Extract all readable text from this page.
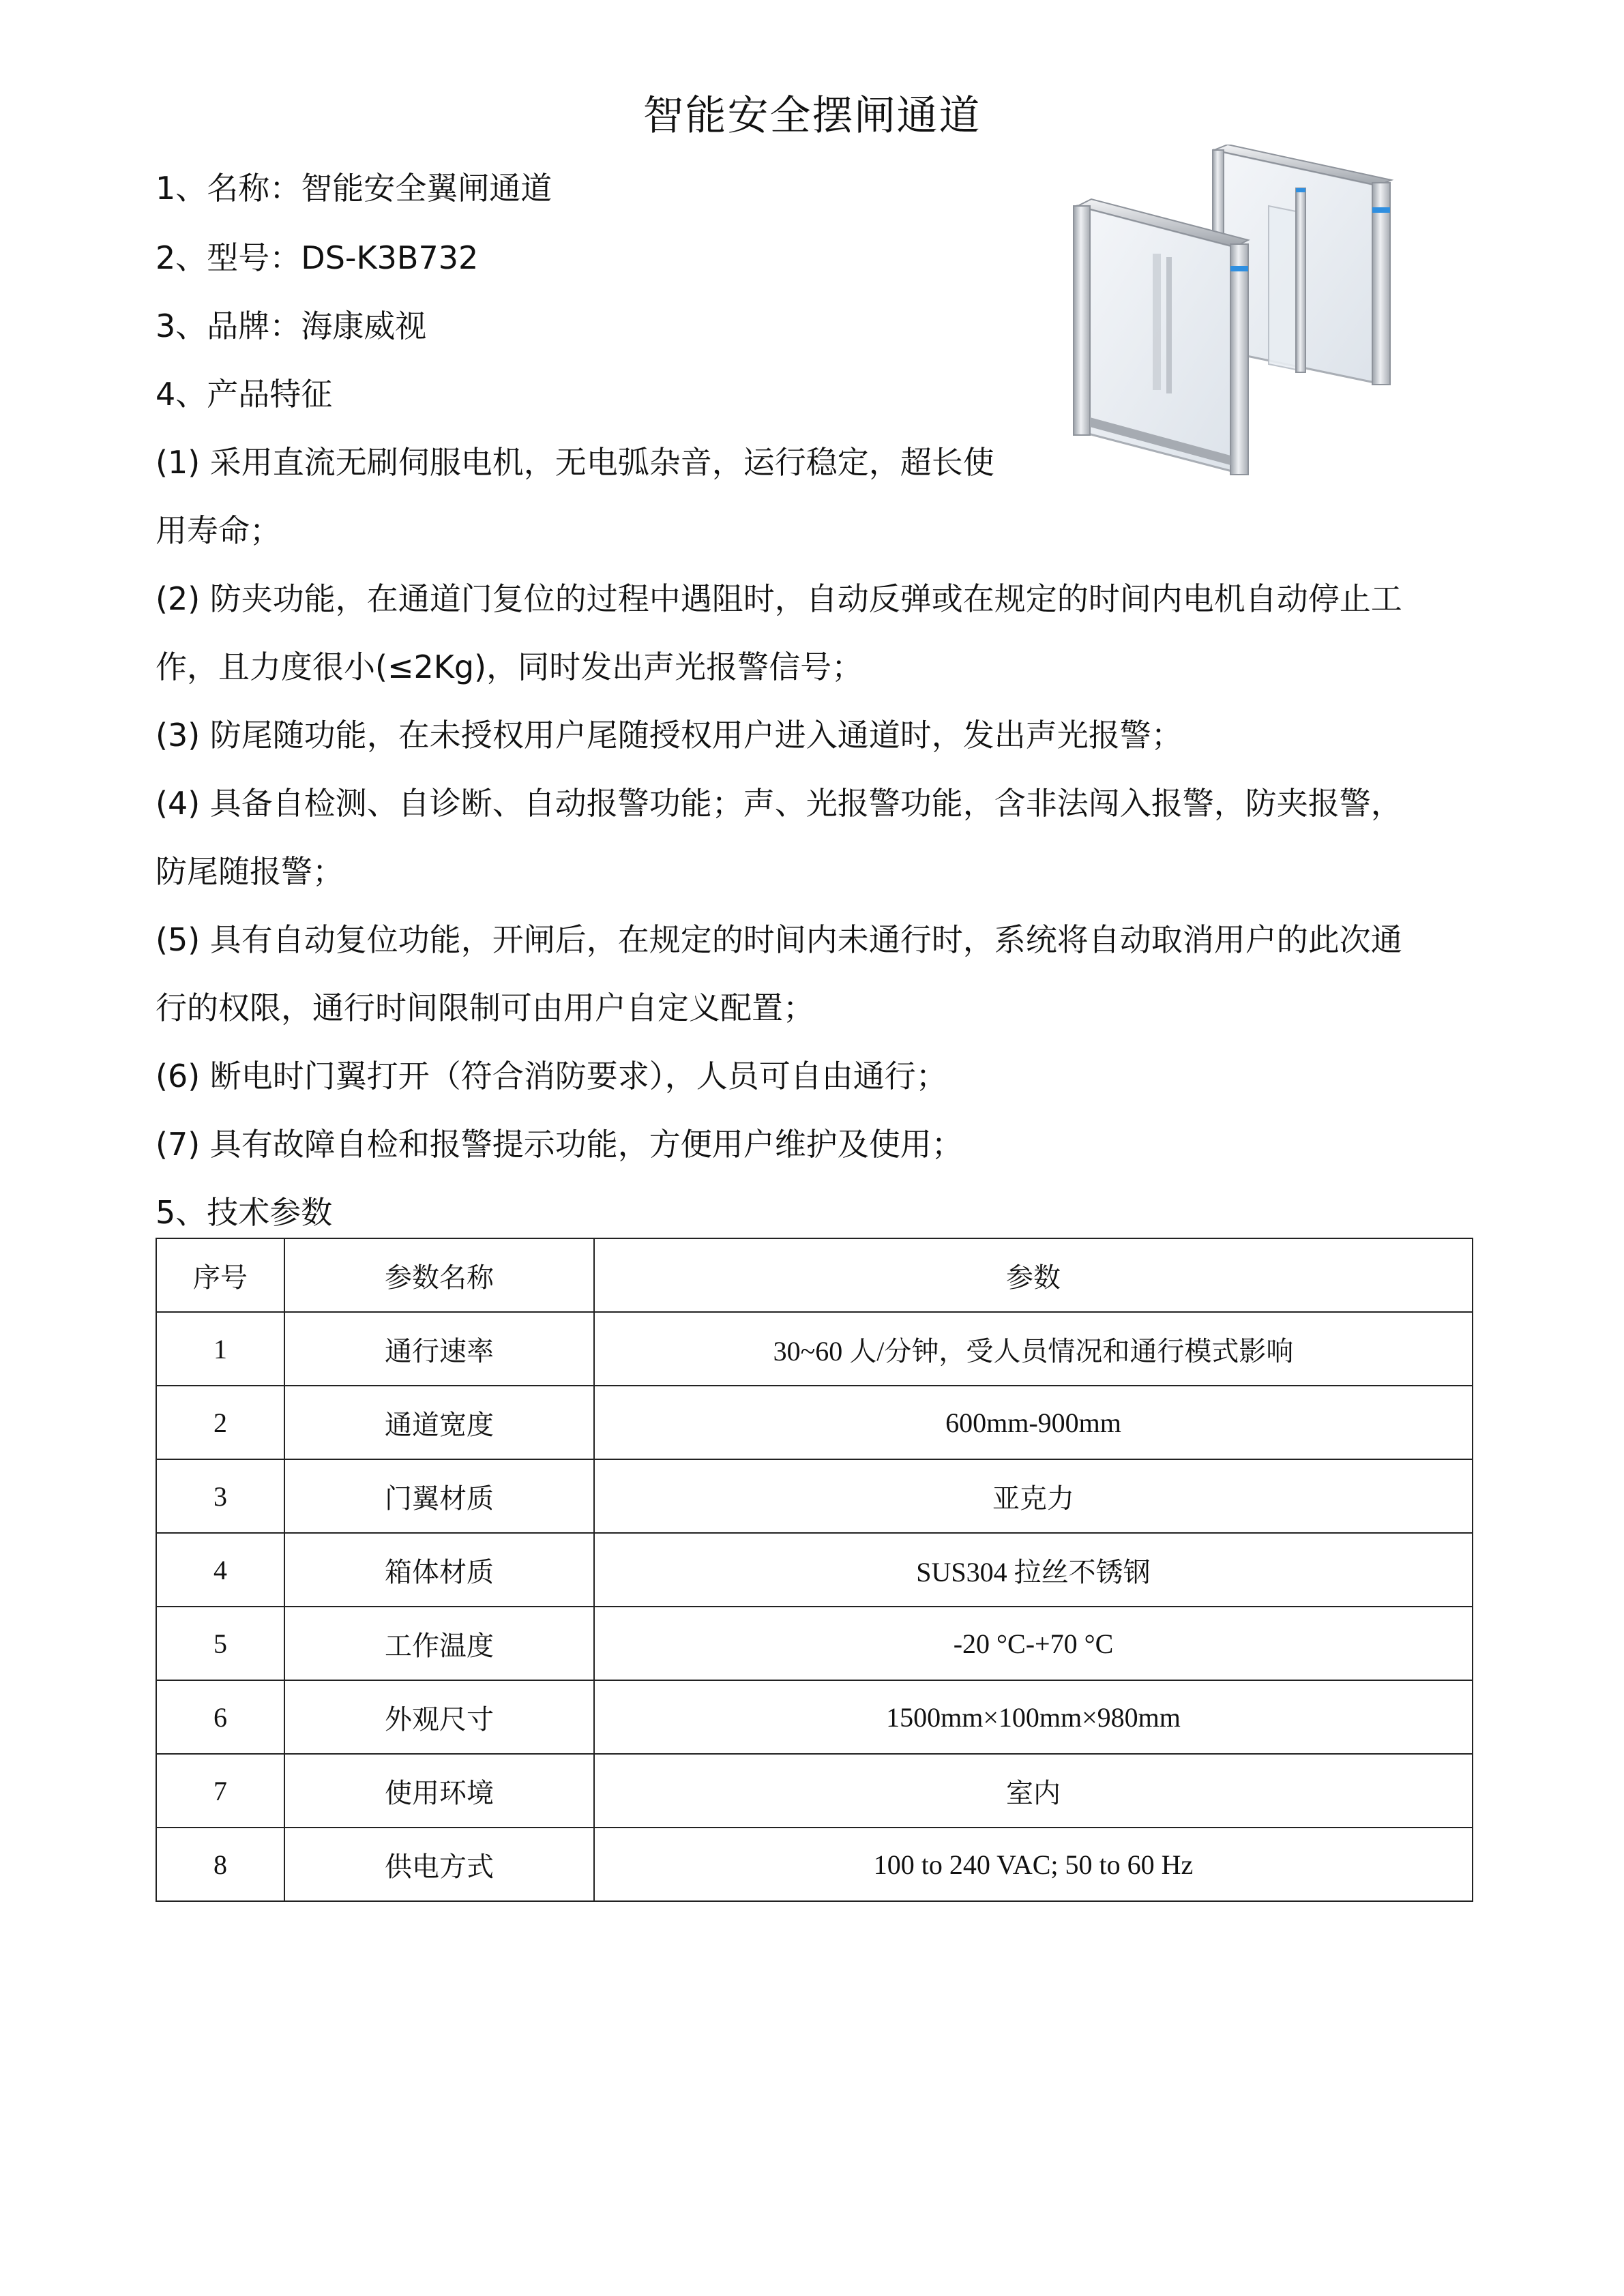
智能安全摆闸通道
1、名称：智能安全翼闸通道
2、型号：DS-K3B732
3、品牌：海康威视
4、产品特征
(1) 采用直流无刷伺服电机，无电弧杂音，运行稳定，超长使
用寿命；
(2) 防夹功能，在通道门复位的过程中遇阻时，自动反弹或在规定的时间内电机自动停止工
作，且力度很小(≤2Kg)，同时发出声光报警信号；
(3) 防尾随功能，在未授权用户尾随授权用户进入通道时，发出声光报警；
(4) 具备自检测、自诊断、自动报警功能；声、光报警功能，含非法闯入报警，防夹报警，
防尾随报警；
(5) 具有自动复位功能，开闸后，在规定的时间内未通行时，系统将自动取消用户的此次通
行的权限，通行时间限制可由用户自定义配置；
(6) 断电时门翼打开（符合消防要求），人员可自由通行；
(7) 具有故障自检和报警提示功能，方便用户维护及使用；
5、技术参数
序号	参数名称	参数
1	通行速率	30~60 人/分钟，受人员情况和通行模式影响
2	通道宽度	600mm-900mm
3	门翼材质	亚克力
4	箱体材质	SUS304 拉丝不锈钢
5	工作温度	-20 °C-+70 °C
6	外观尺寸	1500mm×100mm×980mm
7	使用环境	室内
8	供电方式	100 to 240 VAC; 50 to 60 Hz
